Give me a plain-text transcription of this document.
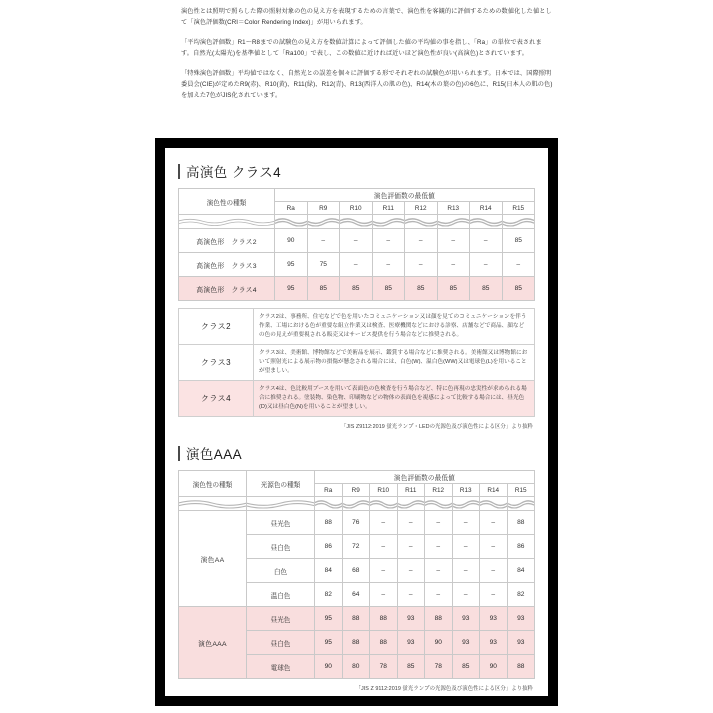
演色性とは照明で照らした際の照射対象の色の見え方を表現するための言葉で、演色性を客観的に評価するための数値化した値として「演色評価数(CRI＝Color Rendering Index)」が用いられます。

「平均演色評価数」R1〜R8までの試験色の見え方を数値計算によって評価した値の平均値の事を指し、「Ra」の単位で表されます。自然光(太陽光)を基準値として「Ra100」で表し、この数値に近ければ近いほど演色性が良い(高演色)とされています。

「特殊演色評価数」平均値ではなく、自然光との誤差を個々に評価する形でそれぞれの試験色が用いられます。日本では、国際照明委員会(CIE)が定めたR9(赤)、R10(黄)、R11(緑)、R12(青)、R13(西洋人の肌の色)、R14(木の葉の色)の6色に、R15(日本人の肌の色)を加えた7色がJIS化されています。

高演色 クラス4
演色性の種類	演色評価数の最低値							
	Ra	R9	R10	R11	R12	R13	R14	R15

高演色形 クラス2	90	–	–	–	–	–	–	85
高演色形 クラス3	95	75	–	–	–	–	–	–
高演色形 クラス4	95	85	85	85	85	85	85	85
クラス2	クラス2は、事務所、住宅などで色を用いたコミュニケーション又は顔を見てのコミュニケーションを伴う作業、工場における色が重要な組立作業又は検査、医療機関などにおける診察、店舗などで商品、顔などの色の見えが重要視される販売又はサービス提供を行う場合などに推奨される。
クラス3	クラス3は、美術館、博物館などで美術品を展示、鑑賞する場合などに推奨される。美術館又は博物館において照射光による展示物の損傷が懸念される場合には、白色(W)、温白色(WW)又は電球色(L)を用いることが望ましい。
クラス4	クラス4は、色比較用ブースを用いて表面色の色検査を行う場合など、特に色再現の忠実性が求められる場合に推奨される。塗装物、染色物、印刷物などの物体の表面色を視感によって比較する場合には、昼光色(D)又は昼白色(N)を用いることが望ましい。
「JIS Z9112:2019 蛍光ランプ・LEDの光源色及び演色性による区分」より抜粋
演色AAA
演色性の種類	光源色の種類	演色評価数の最低値							
		Ra	R9	R10	R11	R12	R13	R14	R15

演色AA	昼光色	88	76	–	–	–	–	–	88
	昼白色	86	72	–	–	–	–	–	86
	白色	84	68	–	–	–	–	–	84
	温白色	82	64	–	–	–	–	–	82
演色AAA	昼光色	95	88	88	93	88	93	93	93
	昼白色	95	88	88	93	90	93	93	93
	電球色	90	80	78	85	78	85	90	88
「JIS Z 9112:2019 蛍光ランプの光源色及び演色性による区分」より抜粋
